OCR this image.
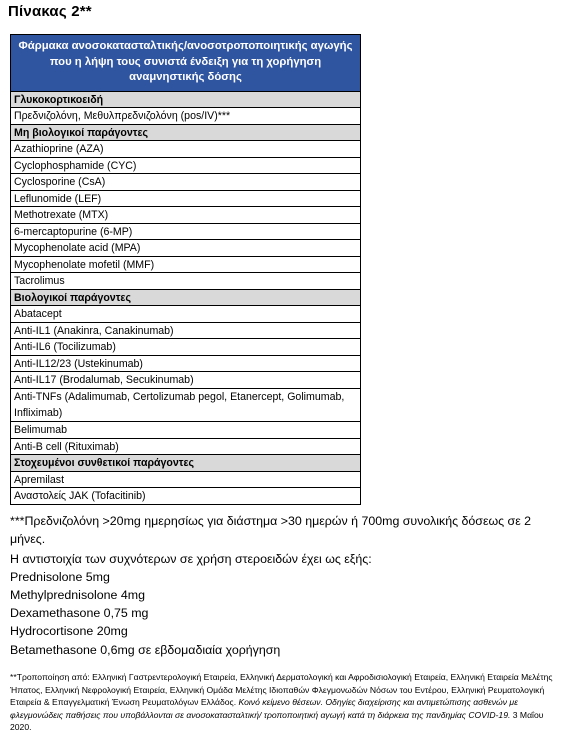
Πίνακας 2**
Φάρμακα ανοσοκατασταλτικής/ανοσοτροποποιητικής αγωγής που η λήψη τους συνιστά ένδειξη για τη χορήγηση αναμνηστικής δόσης
Γλυκοκορτικοειδή
Πρεδνιζολόνη, Μεθυλπρεδνιζολόνη (pos/IV)***
Μη βιολογικοί παράγοντες
Azathioprine (AZA)
Cyclophosphamide (CYC)
Cyclosporine (CsA)
Leflunomide (LEF)
Methotrexate (MTX)
6-mercaptopurine (6-MP)
Mycophenolate acid (MPA)
Mycophenolate mofetil (MMF)
Tacrolimus
Βιολογικοί παράγοντες
Abatacept
Anti-IL1 (Anakinra, Canakinumab)
Anti-IL6 (Tocilizumab)
Anti-IL12/23 (Ustekinumab)
Anti-IL17 (Brodalumab, Secukinumab)
Anti-TNFs (Adalimumab, Certolizumab pegol, Etanercept, Golimumab, Infliximab)
Belimumab
Anti-B cell (Rituximab)
Στοχευμένοι συνθετικοί παράγοντες
Apremilast
Αναστολείς JAK (Tofacitinib)

***Πρεδνιζολόνη >20mg ημερησίως για διάστημα >30 ημερών ή 700mg συνολικής δόσεως σε 2 μήνες.

Η αντιστοιχία των συχνότερων σε χρήση στεροειδών έχει ως εξής:

Prednisolone 5mg

Methylprednisolone 4mg

Dexamethasone 0,75 mg

Hydrocortisone 20mg

Betamethasone 0,6mg σε εβδομαδιαία χορήγηση

**Τροποποίηση από: Ελληνική Γαστρεντερολογική Εταιρεία, Ελληνική Δερματολογική και Αφροδισιολογική Εταιρεία, Ελληνική Εταιρεία Μελέτης Ήπατος, Ελληνική Νεφρολογική Εταιρεία, Ελληνική Ομάδα Μελέτης Ιδιοπαθών Φλεγμονωδών Νόσων του Εντέρου, Ελληνική Ρευματολογική Εταιρεία & Επαγγελματική Ένωση Ρευματολόγων Ελλάδος. Κοινό κείμενο θέσεων. Οδηγίες διαχείρισης και αντιμετώπισης ασθενών με φλεγμονώδεις παθήσεις που υποβάλλονται σε ανοσοκατασταλτική/ τροποποιητική αγωγή κατά τη διάρκεια της πανδημίας COVID-19. 3 Μαΐου 2020.
